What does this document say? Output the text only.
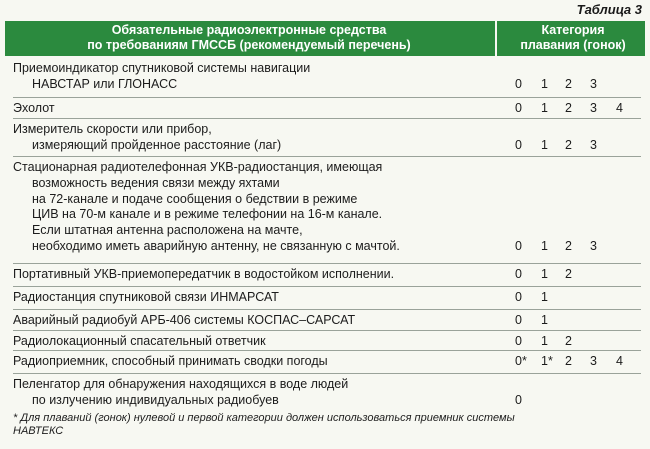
Таблица 3
Обязательные радиоэлектронные средства
по требованиям ГМССБ (рекомендуемый перечень)
Категория
плавания (гонок)
Приемоиндикатор спутниковой системы навигации
НАВСТАР или ГЛОНАСС	0 1 2 3
Эхолот	0 1 2 3 4
Измеритель скорости или прибор,
измеряющий пройденное расстояние (лаг)	0 1 2 3
Стационарная радиотелефонная УКВ-радиостанция, имеющая
возможность ведения связи между яхтами
на 72-канале и подаче сообщения о бедствии в режиме
ЦИВ на 70-м канале и в режиме телефонии на 16-м канале.
Если штатная антенна расположена на мачте,
необходимо иметь аварийную антенну, не связанную с мачтой.	0 1 2 3
Портативный УКВ-приемопередатчик в водостойком исполнении.	0 1 2
Радиостанция спутниковой связи ИНМАРСАТ	0 1
Аварийный радиобуй АРБ-406 системы КОСПАС–САРСАТ	0 1
Радиолокационный спасательный ответчик	0 1 2
Радиоприемник, способный принимать сводки погоды	0* 1* 2 3 4
Пеленгатор для обнаружения находящихся в воде людей
по излучению индивидуальных радиобуев	0
* Для плаваний (гонок) нулевой и первой категории должен использоваться приемник системы
НАВТЕКС
